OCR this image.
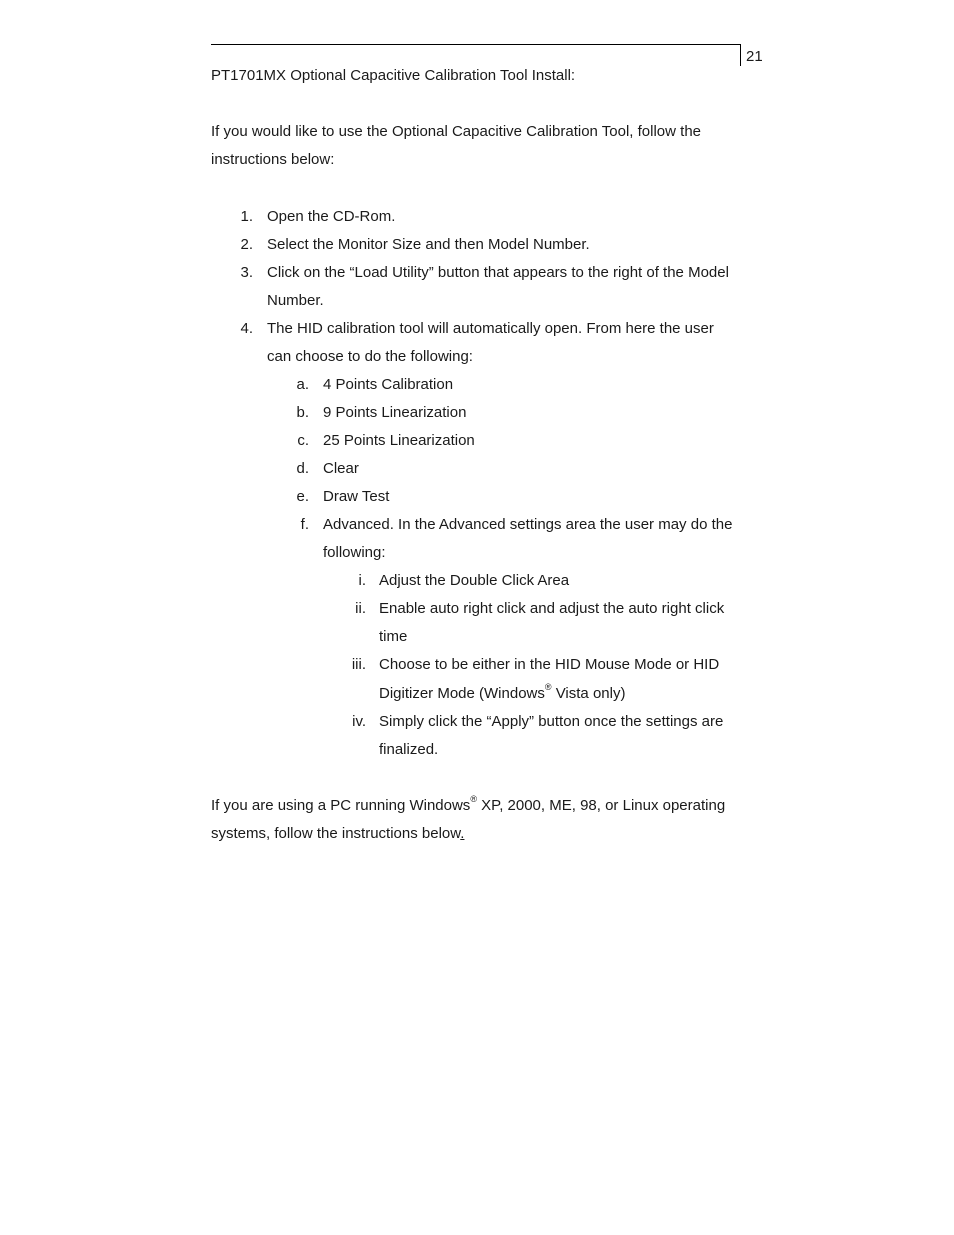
21
PT1701MX Optional Capacitive Calibration Tool Install:
If you would like to use the Optional Capacitive Calibration Tool, follow the
instructions below:
1. Open the CD-Rom.
2. Select the Monitor Size and then Model Number.
3. Click on the “Load Utility” button that appears to the right of the Model
Number.
4. The HID calibration tool will automatically open. From here the user
can choose to do the following:
a. 4 Points Calibration
b. 9 Points Linearization
c. 25 Points Linearization
d. Clear
e. Draw Test
f. Advanced. In the Advanced settings area the user may do the
following:
i. Adjust the Double Click Area
ii. Enable auto right click and adjust the auto right click
time
iii. Choose to be either in the HID Mouse Mode or HID
Digitizer Mode (Windows® Vista only)
iv. Simply click the “Apply” button once the settings are
finalized.
If you are using a PC running Windows® XP, 2000, ME, 98, or Linux operating
systems, follow the instructions below.
